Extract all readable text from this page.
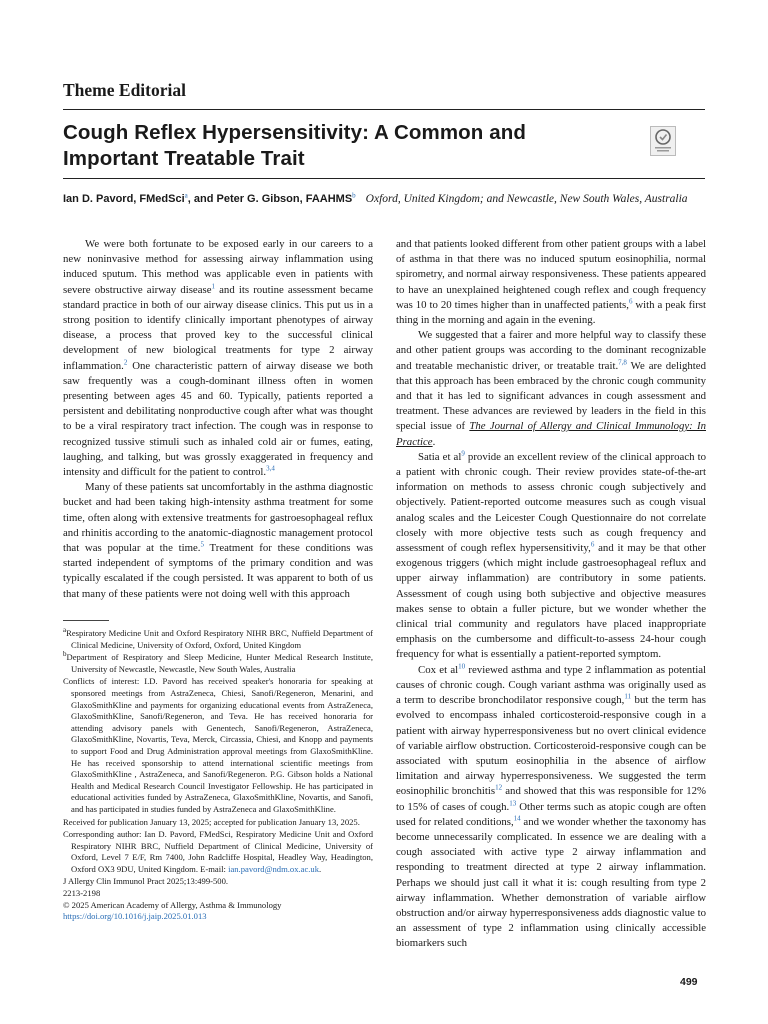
Theme Editorial
Cough Reflex Hypersensitivity: A Common and Important Treatable Trait
Ian D. Pavord, FMedSci$^a$, and Peter G. Gibson, FAAHMS$^b$ Oxford, United Kingdom; and Newcastle, New South Wales, Australia

We were both fortunate to be exposed early in our careers to a new noninvasive method for assessing airway inflammation using induced sputum. This method was applicable even in patients with severe obstructive airway disease$^1$ and its routine assessment became standard practice in both of our airway disease clinics. This put us in a strong position to identify clinically important phenotypes of airway disease, a process that proved key to the successful clinical development of new biological treatments for type 2 airway inflammation.$^2$ One characteristic pattern of airway disease we both saw frequently was a cough-dominant illness often in women presenting between ages 45 and 60. Typically, patients reported a persistent and debilitating nonproductive cough after what was thought to be a viral respiratory tract infection. The cough was in response to recognized tussive stimuli such as inhaled cold air or fumes, eating, laughing, and talking, but was grossly exaggerated in frequency and intensity and difficult for the patient to control.$^{3,4}$

Many of these patients sat uncomfortably in the asthma diagnostic bucket and had been taking high-intensity asthma treatment for some time, often along with extensive treatments for gastroesophageal reflux and rhinitis according to the anatomic-diagnostic management protocol that was popular at the time.$^5$ Treatment for these conditions was started independent of symptoms of the primary condition and was typically escalated if the cough persisted. It was apparent to both of us that many of these patients were not doing well with this approach

$^a$Respiratory Medicine Unit and Oxford Respiratory NIHR BRC, Nuffield Department of Clinical Medicine, University of Oxford, Oxford, United Kingdom

$^b$Department of Respiratory and Sleep Medicine, Hunter Medical Research Institute, University of Newcastle, Newcastle, New South Wales, Australia

Conflicts of interest: I.D. Pavord has received speaker's honoraria for speaking at sponsored meetings from AstraZeneca, Chiesi, Sanofi/Regeneron, Menarini, and GlaxoSmithKline and payments for organizing educational events from AstraZeneca, GlaxoSmithKline, Sanofi/Regeneron, and Teva. He has received honoraria for attending advisory panels with Genentech, Sanofi/Regeneron, AstraZeneca, GlaxoSmithKline, Novartis, Teva, Merck, Circassia, Chiesi, and Knopp and payments to support Food and Drug Administration approval meetings from GlaxoSmithKline. He has received sponsorship to attend international scientific meetings from GlaxoSmithKline , AstraZeneca, and Sanofi/Regeneron. P.G. Gibson holds a National Health and Medical Research Council Investigator Fellowship. He has participated in educational activities funded by AstraZeneca, GlaxoSmithKline, Novartis, and Sanofi, and has participated in studies funded by AstraZeneca and GlaxoSmithKline.

Received for publication January 13, 2025; accepted for publication January 13, 2025.

Corresponding author: Ian D. Pavord, FMedSci, Respiratory Medicine Unit and Oxford Respiratory NIHR BRC, Nuffield Department of Clinical Medicine, University of Oxford, Level 7 E/F, Rm 7400, John Radcliffe Hospital, Headley Way, Headington, Oxford OX3 9DU, United Kingdom. E-mail: ian.pavord@ndm.ox.ac.uk.

J Allergy Clin Immunol Pract 2025;13:499-500.

2213-2198

© 2025 American Academy of Allergy, Asthma & Immunology

https://doi.org/10.1016/j.jaip.2025.01.013

and that patients looked different from other patient groups with a label of asthma in that there was no induced sputum eosinophilia, normal spirometry, and normal airway responsiveness. These patients appeared to have an unexplained heightened cough reflex and cough frequency was 10 to 20 times higher than in unaffected patients,$^6$ with a peak first thing in the morning and again in the evening.

We suggested that a fairer and more helpful way to classify these and other patient groups was according to the dominant recognizable and treatable mechanistic driver, or treatable trait.$^{7,8}$ We are delighted that this approach has been embraced by the chronic cough community and that it has led to significant advances in cough assessment and treatment. These advances are reviewed by leaders in the field in this special issue of The Journal of Allergy and Clinical Immunology: In Practice.

Satia et $al^9$ provide an excellent review of the clinical approach to a patient with chronic cough. Their review provides state-of-the-art information on methods to assess chronic cough subjectively and objectively. Patient-reported outcome measures such as cough visual analog scales and the Leicester Cough Questionnaire do not correlate closely with more objective tests such as cough frequency and assessment of cough reflex hypersensitivity,$^6$ and it may be that other exogenous triggers (which might include gastroesophageal reflux and upper airway inflammation) are contributory in some patients. Assessment of cough using both subjective and objective measures makes sense to obtain a fuller picture, but we wonder whether the clinical trial community and regulators have placed inappropriate emphasis on the cumbersome and difficult-to-assess 24-hour cough frequency for what is essentially a patient-reported symptom.

Cox et $al^{10}$ reviewed asthma and type 2 inflammation as potential causes of chronic cough. Cough variant asthma was originally used as a term to describe bronchodilator responsive cough,$^{11}$ but the term has evolved to encompass inhaled corticosteroid-responsive cough in a patient with airway hyperresponsiveness but no overt clinical evidence of variable airflow obstruction. Corticosteroid-responsive cough can be associated with sputum eosinophilia in the absence of airflow limitation and airway hyperresponsiveness. We suggested the term eosinophilic bronchitis$^{12}$ and showed that this was responsible for 12% to 15% of cases of cough.$^{13}$ Other terms such as atopic cough are often used for related conditions,$^{14}$ and we wonder whether the taxonomy has become unnecessarily complicated. In essence we are dealing with a cough associated with active type 2 airway inflammation and responding to treatment directed at type 2 airway inflammation. Perhaps we should just call it what it is: cough resulting from type 2 airway inflammation. Whether demonstration of variable airflow obstruction and/or airway hyperresponsiveness adds diagnostic value to an assessment of type 2 inflammation using clinically accessible biomarkers such

499
